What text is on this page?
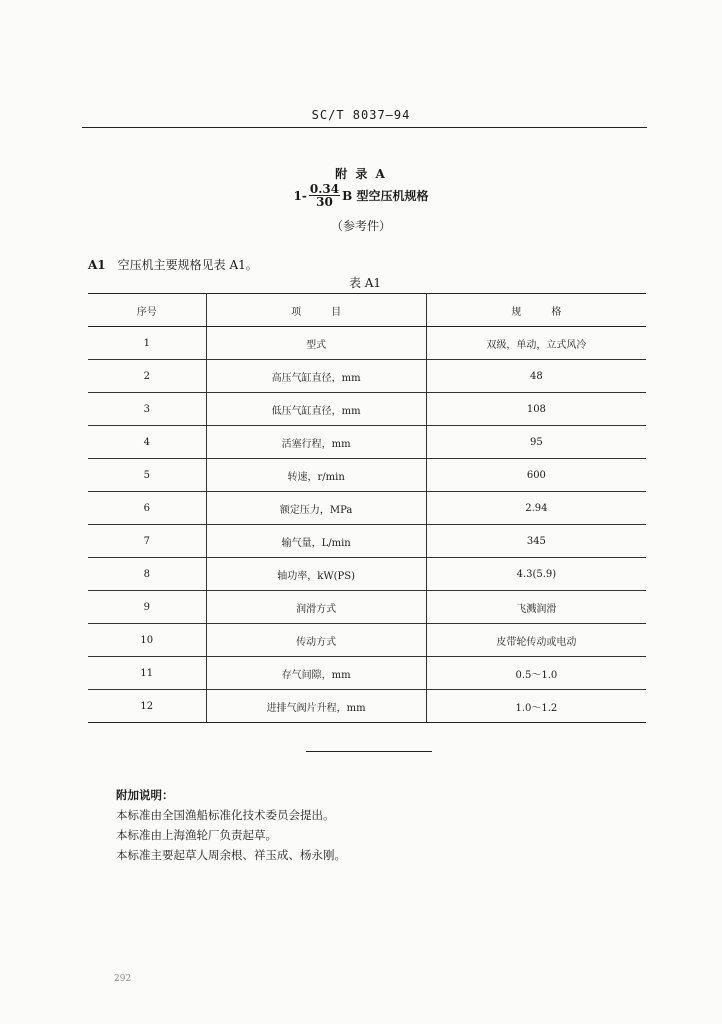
SC/T 8037—94
附 录 A
$1- \frac{0.34}{30}$ B 型空压机规格
（参考件）
A1 空压机主要规格见表 A1。
表 A1
序号	项　　　目	规　　　格
1	型式	双级，单动，立式风冷
2	高压气缸直径，mm	48
3	低压气缸直径，mm	108
4	活塞行程，mm	95
5	转速，r/min	600
6	额定压力，MPa	2.94
7	输气量，L/min	345
8	轴功率，kW(PS)	4.3(5.9)
9	润滑方式	飞溅润滑
10	传动方式	皮带轮传动或电动
11	存气间隙，mm	0.5～1.0
12	进排气阀片升程，mm	1.0～1.2
附加说明：
本标准由全国渔船标准化技术委员会提出。
本标准由上海渔轮厂负责起草。
本标准主要起草人周余根、祥玉成、杨永刚。
292
